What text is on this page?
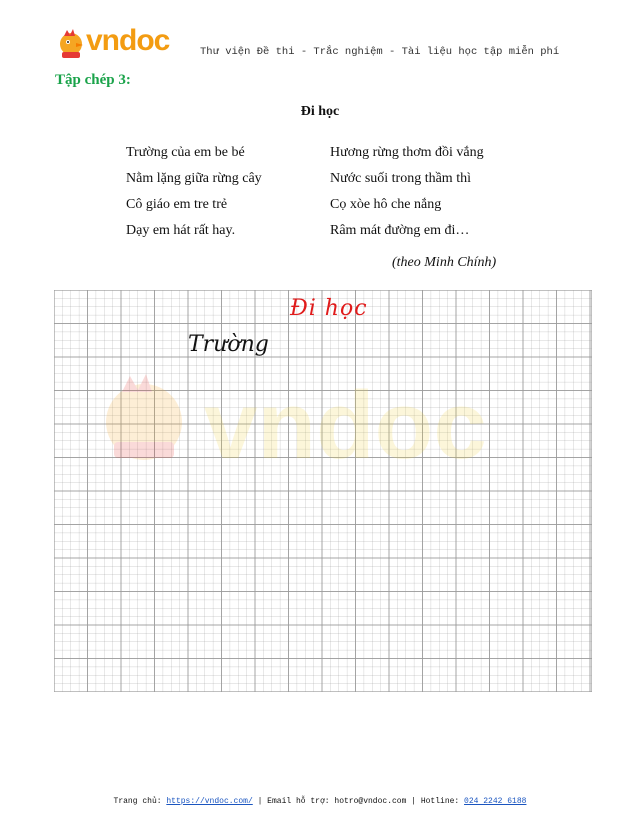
vndoc	Thư viện Đề thi - Trắc nghiệm - Tài liệu học tập miễn phí
Tập chép 3:
Đi học
Trường của em be bé
Nằm lặng giữa rừng cây
Cô giáo em tre trẻ
Dạy em hát rất hay.
Hương rừng thơm đồi vắng
Nước suối trong thầm thì
Cọ xòe hô che nắng
Râm mát đường em đi…
(theo Minh Chính)
vndoc
Đi học
Trường
Trang chủ: https://vndoc.com/ | Email hỗ trợ: hotro@vndoc.com | Hotline: 024 2242 6188
